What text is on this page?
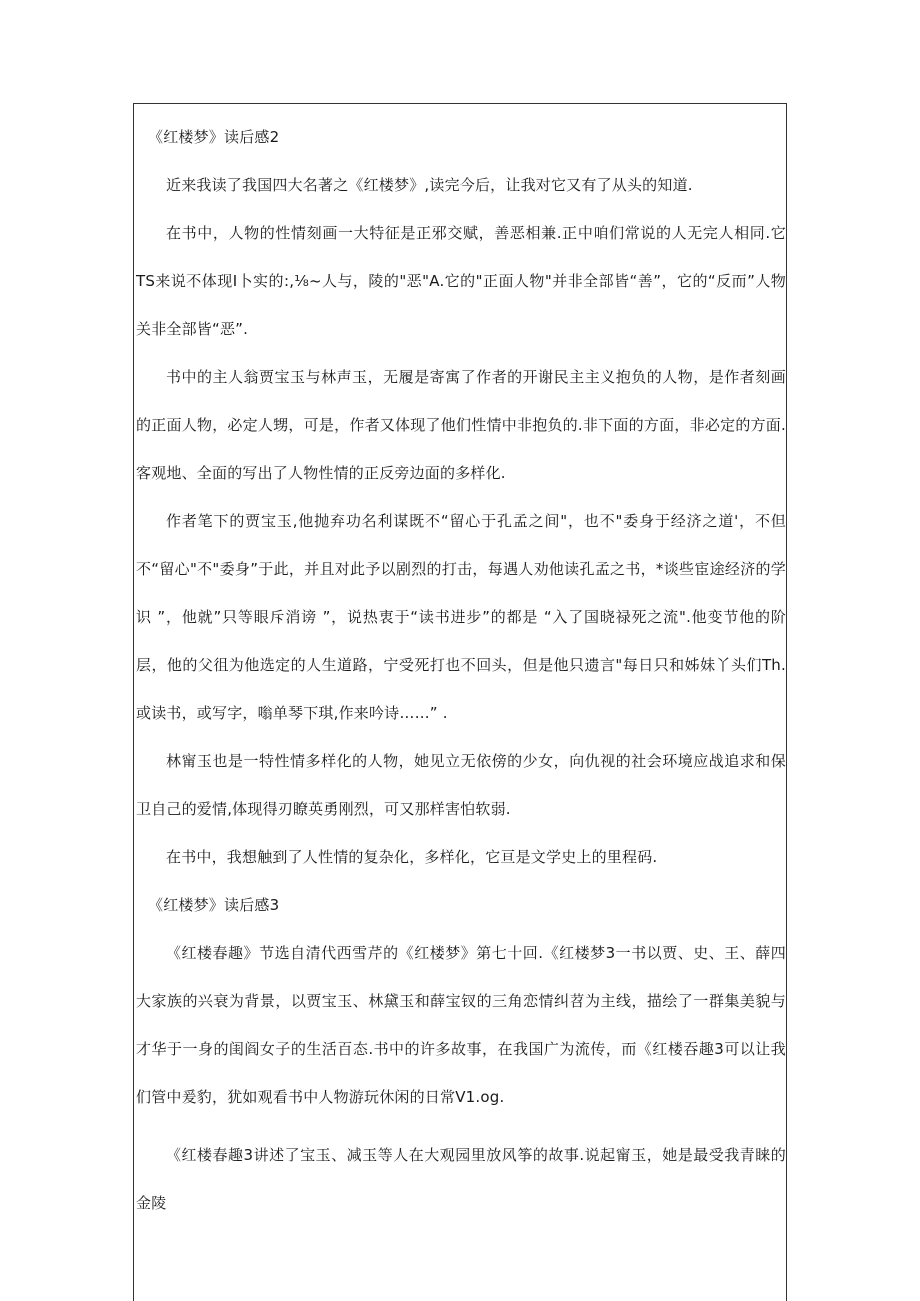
《红楼梦》读后感2

近来我读了我国四大名著之《红楼梦》,读完今后，让我对它又有了从头的知道.

在书中，人物的性情刻画一大特征是正邪交赋，善恶相兼.正中咱们常说的人无完人相同.它TS来说不体现I卜实的:,⅛~人与，陵的"恶"A.它的"正面人物"并非全部皆“善”，它的“反而”人物关非全部皆“恶”.

书中的主人翁贾宝玉与林声玉，无履是寄寓了作者的开谢民主主义抱负的人物，是作者刻画的正面人物，必定人甥，可是，作者又体现了他们性情中非抱负的.非下面的方面，非必定的方面.客观地、全面的写出了人物性情的正反旁边面的多样化.

作者笔下的贾宝玉,他抛弃功名利谋既不“留心于孔孟之间"，也不"委身于经济之道'，不但不“留心"不"委身”于此，并且对此予以剧烈的打击，每遇人劝他读孔孟之书，*谈些宦途经济的学识 ”，他就”只等眼斥消谤 ”，说热衷于“读书进步”的都是 “入了国晓禄死之流".他变节他的阶层，他的父徂为他选定的人生道路，宁受死打也不回头，但是他只遗言"每日只和姊妹丫头们Th.或读书，或写字，嗡单琴下琪,作来吟诗……” .

林甯玉也是一特性情多样化的人物，她见立无依傍的少女，向仇视的社会环境应战追求和保卫自己的爱情,体现得刃瞭英勇刚烈，可又那样害怕软弱.

在书中，我想触到了人性情的复杂化，多样化，它亘是文学史上的里程码.

《红楼梦》读后感3

《红楼春趣》节选自清代西雪芹的《红楼梦》第七十回.《红楼梦3一书以贾、史、王、薛四大家族的兴衰为背景，以贾宝玉、林黛玉和薛宝钗的三角恋情纠苕为主线，描绘了一群集美貌与才华于一身的闺阎女子的生活百态.书中的许多故事，在我国广为流传，而《红楼吞趣3可以让我们管中爰豹，犹如观看书中人物游玩休闲的日常V1.og.

《红楼春趣3讲述了宝玉、减玉等人在大观园里放风筝的故事.说起甯玉，她是最受我青睐的金陵
